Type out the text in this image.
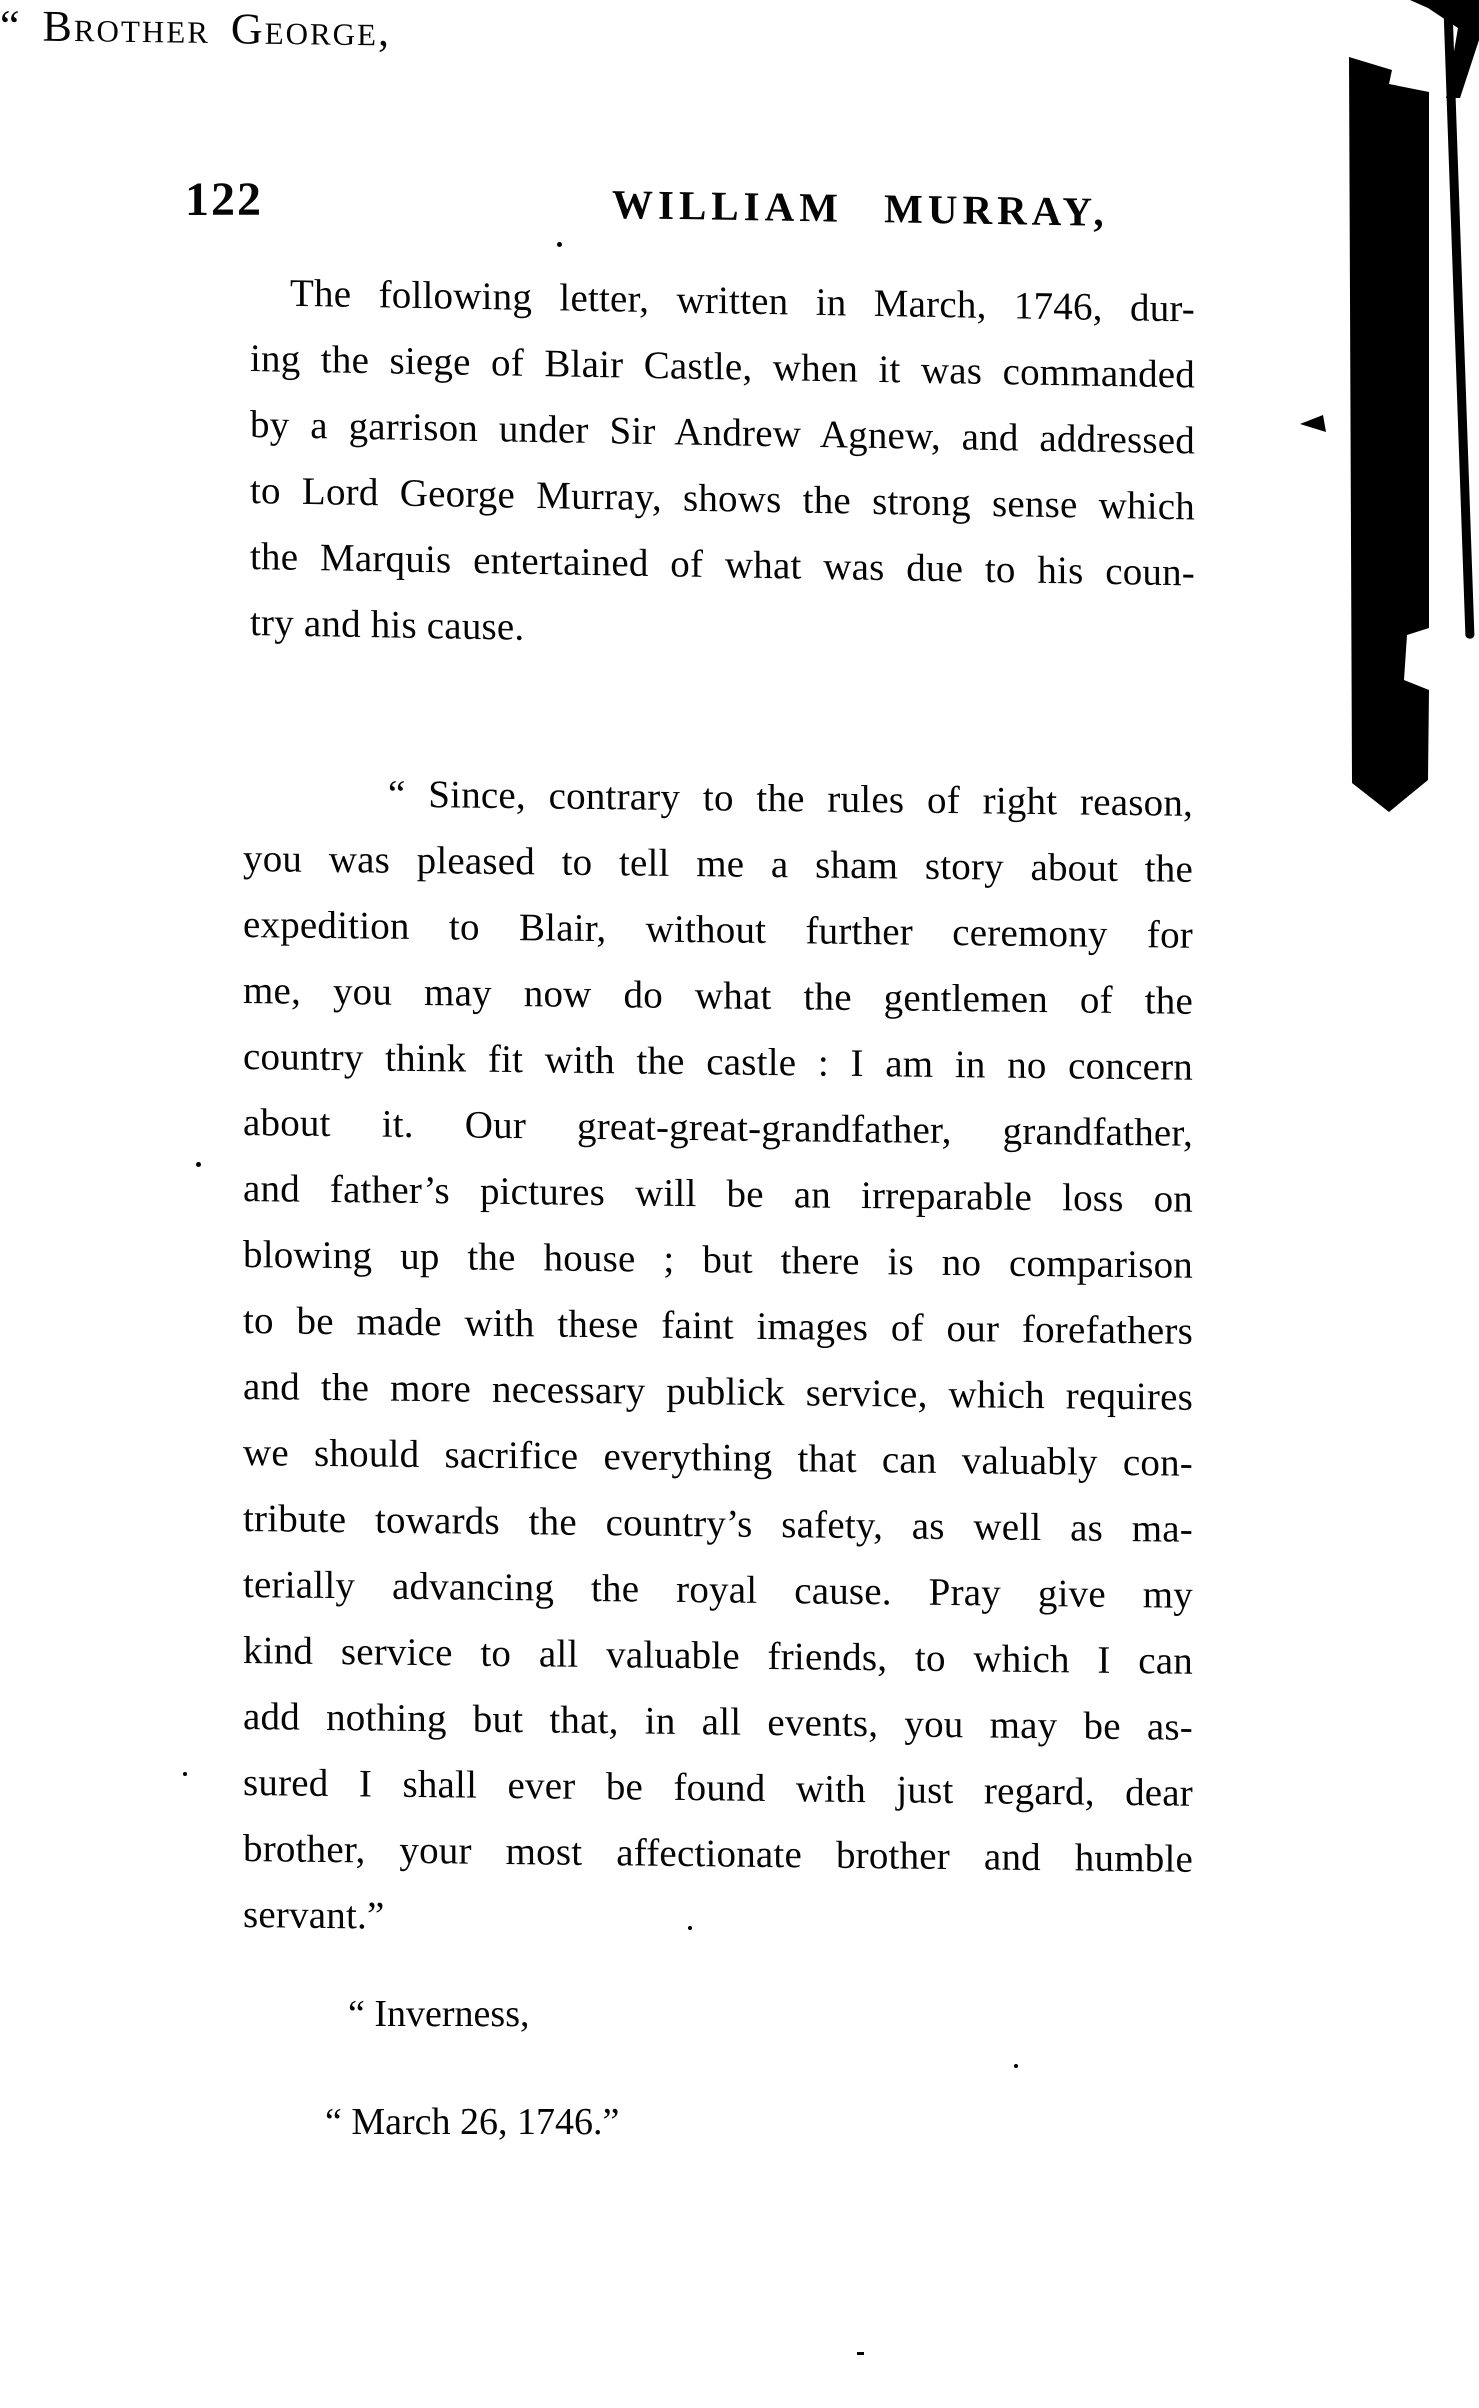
122	WILLIAM MURRAY,
The following letter, written in March, 1746, dur-
ing the siege of Blair Castle, when it was commanded
by a garrison under Sir Andrew Agnew, and addressed
to Lord George Murray, shows the strong sense which
the Marquis entertained of what was due to his coun-
try and his cause.
“ Brother George,
“ Since, contrary to the rules of right reason,
you was pleased to tell me a sham story about the
expedition to Blair, without further ceremony for
me, you may now do what the gentlemen of the
country think fit with the castle : I am in no concern
about it. Our great-great-grandfather, grandfather,
and father’s pictures will be an irreparable loss on
blowing up the house ; but there is no comparison
to be made with these faint images of our forefathers
and the more necessary publick service, which requires
we should sacrifice everything that can valuably con-
tribute towards the country’s safety, as well as ma-
terially advancing the royal cause. Pray give my
kind service to all valuable friends, to which I can
add nothing but that, in all events, you may be as-
sured I shall ever be found with just regard, dear
brother, your most affectionate brother and humble
servant.”
“ Inverness,
“ March 26, 1746.”
